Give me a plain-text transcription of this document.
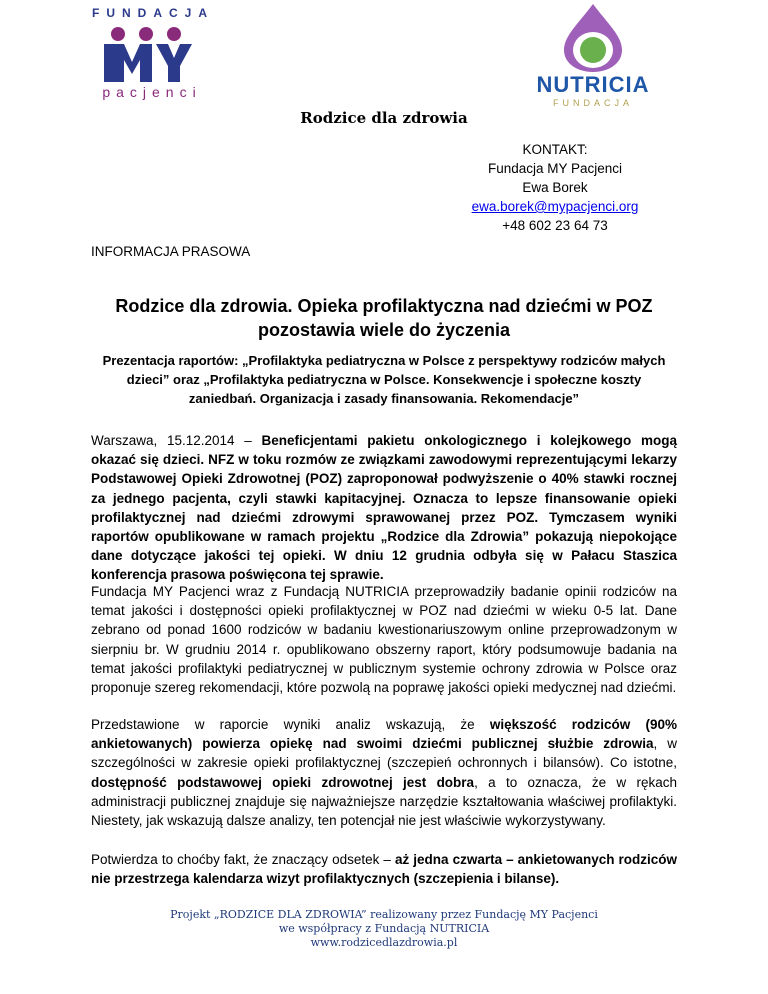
FUNDACJA
pacjenci	NUTRICIA
FUNDACJA
Rodzice dla zdrowia
KONTAKT:
Fundacja MY Pacjenci
Ewa Borek
ewa.borek@mypacjenci.org
+48 602 23 64 73
INFORMACJA PRASOWA
Rodzice dla zdrowia. Opieka profilaktyczna nad dziećmi w POZ pozostawia wiele do życzenia
Prezentacja raportów: „Profilaktyka pediatryczna w Polsce z perspektywy rodziców małych dzieci” oraz „Profilaktyka pediatryczna w Polsce. Konsekwencje i społeczne koszty zaniedbań. Organizacja i zasady finansowania. Rekomendacje”
Warszawa, 15.12.2014 – Beneficjentami pakietu onkologicznego i kolejkowego mogą okazać się dzieci. NFZ w toku rozmów ze związkami zawodowymi reprezentującymi lekarzy Podstawowej Opieki Zdrowotnej (POZ) zaproponował podwyższenie o 40% stawki rocznej za jednego pacjenta, czyli stawki kapitacyjnej. Oznacza to lepsze finansowanie opieki profilaktycznej nad dziećmi zdrowymi sprawowanej przez POZ. Tymczasem wyniki raportów opublikowane w ramach projektu „Rodzice dla Zdrowia” pokazują niepokojące dane dotyczące jakości tej opieki. W dniu 12 grudnia odbyła się w Pałacu Staszica konferencja prasowa poświęcona tej sprawie.
Fundacja MY Pacjenci wraz z Fundacją NUTRICIA przeprowadziły badanie opinii rodziców na temat jakości i dostępności opieki profilaktycznej w POZ nad dziećmi w wieku 0-5 lat. Dane zebrano od ponad 1600 rodziców w badaniu kwestionariuszowym online przeprowadzonym w sierpniu br. W grudniu 2014 r. opublikowano obszerny raport, który podsumowuje badania na temat jakości profilaktyki pediatrycznej w publicznym systemie ochrony zdrowia w Polsce oraz proponuje szereg rekomendacji, które pozwolą na poprawę jakości opieki medycznej nad dziećmi.
Przedstawione w raporcie wyniki analiz wskazują, że większość rodziców (90% ankietowanych) powierza opiekę nad swoimi dziećmi publicznej służbie zdrowia, w szczególności w zakresie opieki profilaktycznej (szczepień ochronnych i bilansów). Co istotne, dostępność podstawowej opieki zdrowotnej jest dobra, a to oznacza, że w rękach administracji publicznej znajduje się najważniejsze narzędzie kształtowania właściwej profilaktyki. Niestety, jak wskazują dalsze analizy, ten potencjał nie jest właściwie wykorzystywany.
Potwierdza to choćby fakt, że znaczący odsetek – aż jedna czwarta – ankietowanych rodziców nie przestrzega kalendarza wizyt profilaktycznych (szczepienia i bilanse).
Projekt „RODZICE DLA ZDROWIA” realizowany przez Fundację MY Pacjenci
we współpracy z Fundacją NUTRICIA
www.rodzicedlazdrowia.pl
